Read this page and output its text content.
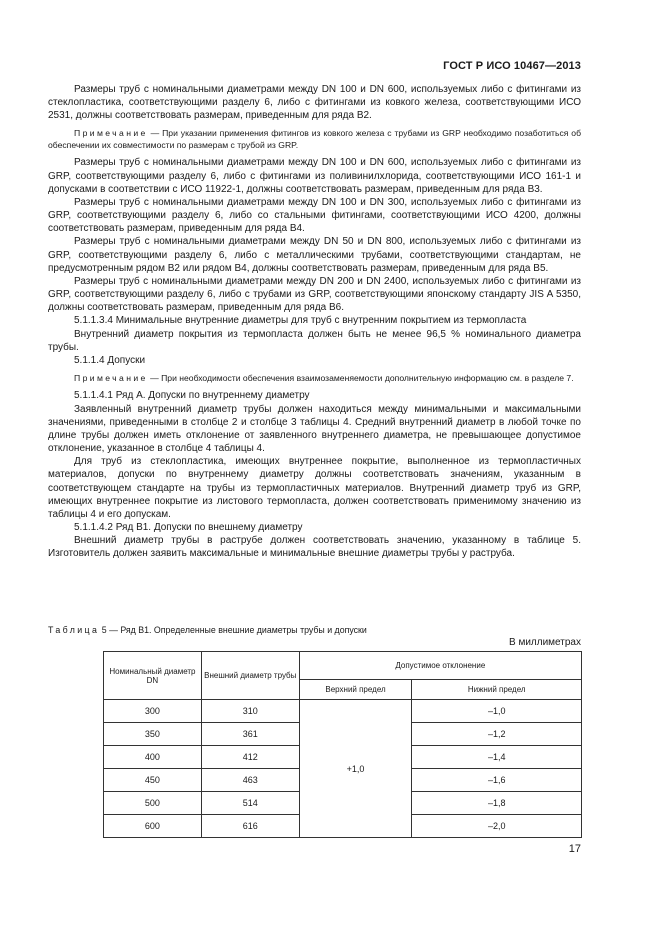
ГОСТ Р ИСО 10467—2013

Размеры труб с номинальными диаметрами между DN 100 и DN 600, используемых либо с фитингами из стеклопластика, соответствующими разделу 6, либо с фитингами из ковкого железа, соответствующими ИСО 2531, должны соответствовать размерам, приведенным для ряда B2.

Примечание — При указании применения фитингов из ковкого железа с трубами из GRP необходимо позаботиться об обеспечении их совместимости по размерам с трубой из GRP.

Размеры труб с номинальными диаметрами между DN 100 и DN 600, используемых либо с фитингами из GRP, соответствующими разделу 6, либо с фитингами из поливинилхлорида, соответствующими ИСО 161-1 и допусками в соответствии с ИСО 11922-1, должны соответствовать размерам, приведенным для ряда B3.

Размеры труб с номинальными диаметрами между DN 100 и DN 300, используемых либо с фитингами из GRP, соответствующими разделу 6, либо со стальными фитингами, соответствующими ИСО 4200, должны соответствовать размерам, приведенным для ряда B4.

Размеры труб с номинальными диаметрами между DN 50 и DN 800, используемых либо с фитингами из GRP, соответствующими разделу 6, либо с металлическими трубами, соответствующими стандартам, не предусмотренным рядом B2 или рядом B4, должны соответствовать размерам, приведенным для ряда B5.

Размеры труб с номинальными диаметрами между DN 200 и DN 2400, используемых либо с фитингами из GRP, соответствующими разделу 6, либо с трубами из GRP, соответствующими японскому стандарту JIS A 5350, должны соответствовать размерам, приведенным для ряда B6.

5.1.1.3.4 Минимальные внутренние диаметры для труб с внутренним покрытием из термопласта

Внутренний диаметр покрытия из термопласта должен быть не менее 96,5 % номинального диаметра трубы.

5.1.1.4 Допуски

Примечание — При необходимости обеспечения взаимозаменяемости дополнительную информацию см. в разделе 7.

5.1.1.4.1 Ряд A. Допуски по внутреннему диаметру

Заявленный внутренний диаметр трубы должен находиться между минимальными и максимальными значениями, приведенными в столбце 2 и столбце 3 таблицы 4. Средний внутренний диаметр в любой точке по длине трубы должен иметь отклонение от заявленного внутреннего диаметра, не превышающее допустимое отклонение, указанное в столбце 4 таблицы 4.

Для труб из стеклопластика, имеющих внутреннее покрытие, выполненное из термопластичных материалов, допуски по внутреннему диаметру должны соответствовать значениям, указанным в соответствующем стандарте на трубы из термопластичных материалов. Внутренний диаметр труб из GRP, имеющих внутреннее покрытие из листового термопласта, должен соответствовать применимому значению из таблицы 4 и его допускам.

5.1.1.4.2 Ряд B1. Допуски по внешнему диаметру

Внешний диаметр трубы в раструбе должен соответствовать значению, указанному в таблице 5. Изготовитель должен заявить максимальные и минимальные внешние диаметры трубы у раструба.

Таблица 5 — Ряд B1. Определенные внешние диаметры трубы и допуски
В миллиметрах
Номинальный диаметр DN	Внешний диаметр трубы	Допустимое отклонение	
		Верхний предел	Нижний предел
300	310	+1,0	–1,0
350	361		–1,2
400	412		–1,4
450	463		–1,6
500	514		–1,8
600	616		–2,0
17
